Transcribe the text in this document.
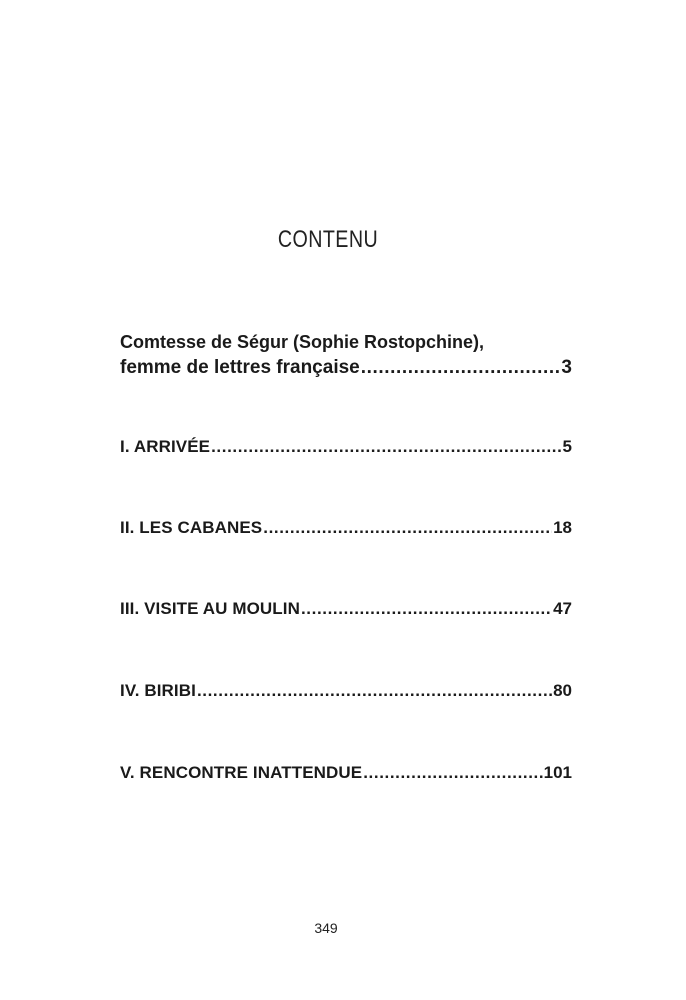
CONTENU
Comtesse de Ségur (Sophie Rostopchine),
femme de lettres française .....	3
I. ARRIVÉE .....	5
II. LES CABANES .....	18
III. VISITE AU MOULIN .....	47
IV. BIRIBI .....	80
V. RENCONTRE INATTENDUE .....	101
349
